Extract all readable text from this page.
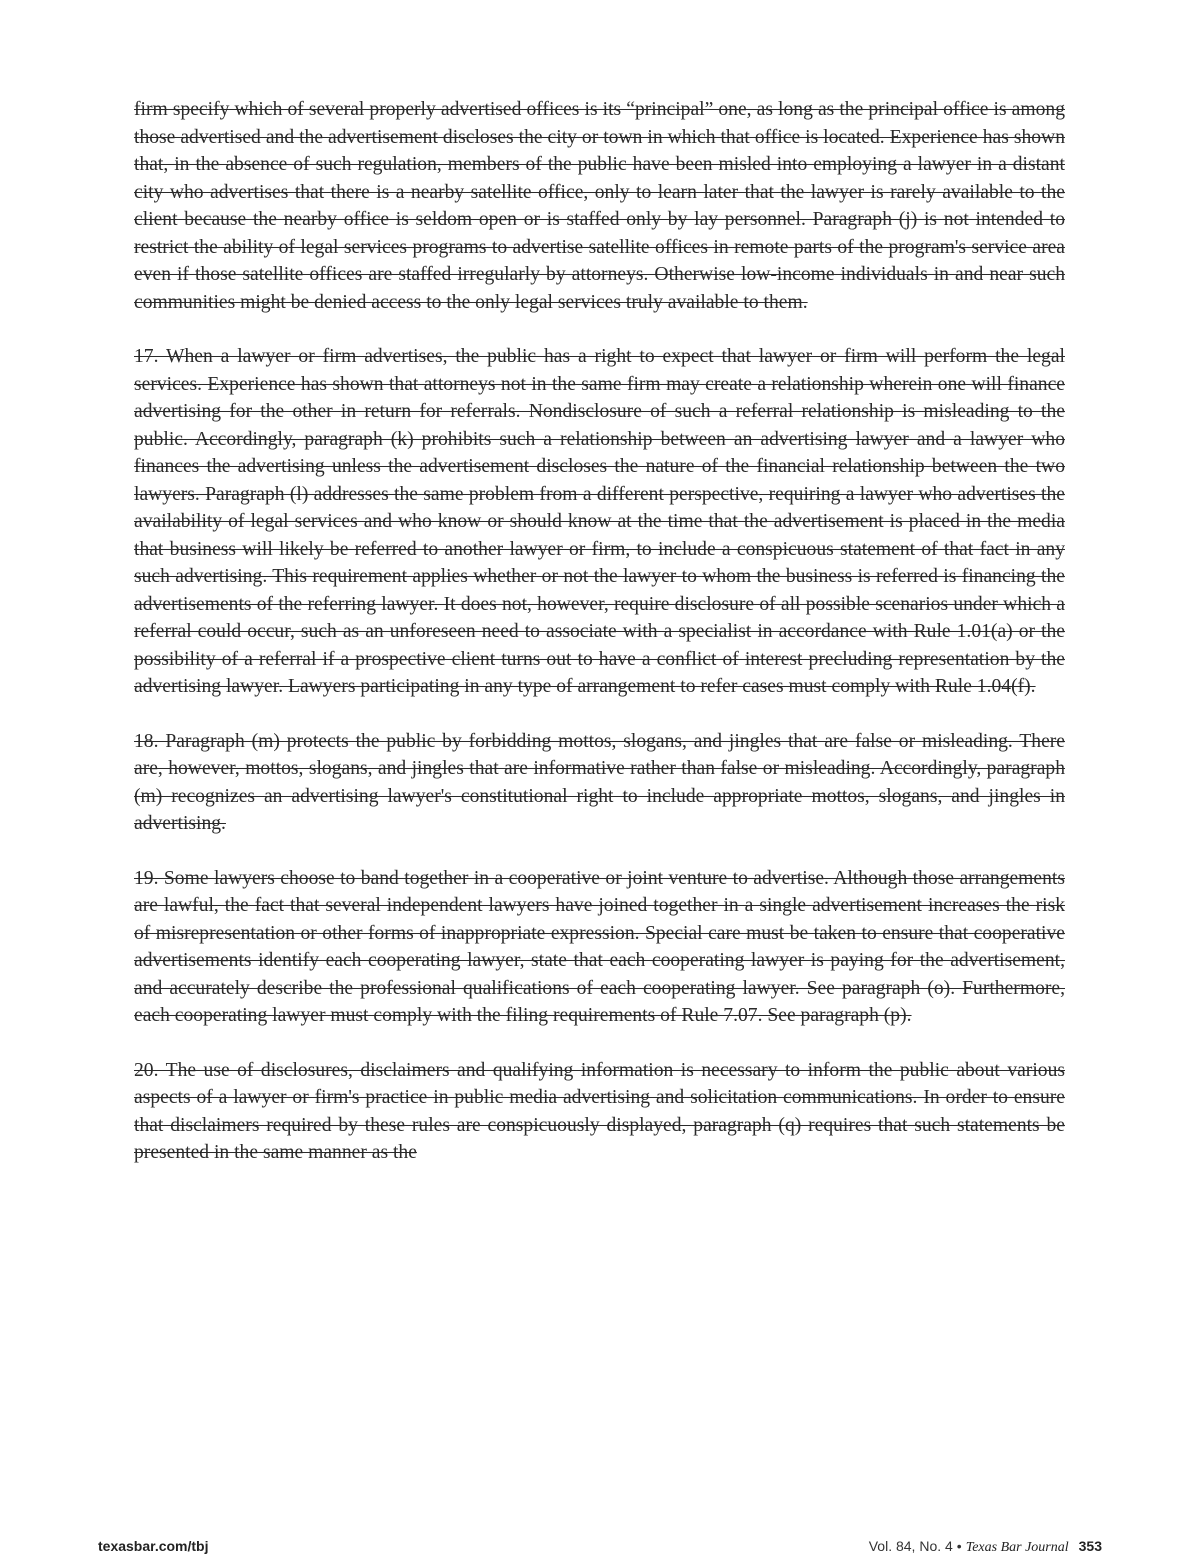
firm specify which of several properly advertised offices is its “principal” one, as long as the principal office is among those advertised and the advertisement discloses the city or town in which that office is located. Experience has shown that, in the absence of such regulation, members of the public have been misled into employing a lawyer in a distant city who advertises that there is a nearby satellite office, only to learn later that the lawyer is rarely available to the client because the nearby office is seldom open or is staffed only by lay personnel. Paragraph (j) is not intended to restrict the ability of legal services programs to advertise satellite offices in remote parts of the program's service area even if those satellite offices are staffed irregularly by attorneys. Otherwise low-income individuals in and near such communities might be denied access to the only legal services truly available to them.

17. When a lawyer or firm advertises, the public has a right to expect that lawyer or firm will perform the legal services. Experience has shown that attorneys not in the same firm may create a relationship wherein one will finance advertising for the other in return for referrals. Nondisclosure of such a referral relationship is misleading to the public. Accordingly, paragraph (k) prohibits such a relationship between an advertising lawyer and a lawyer who finances the advertising unless the advertisement discloses the nature of the financial relationship between the two lawyers. Paragraph (l) addresses the same problem from a different perspective, requiring a lawyer who advertises the availability of legal services and who know or should know at the time that the advertisement is placed in the media that business will likely be referred to another lawyer or firm, to include a conspicuous statement of that fact in any such advertising. This requirement applies whether or not the lawyer to whom the business is referred is financing the advertisements of the referring lawyer. It does not, however, require disclosure of all possible scenarios under which a referral could occur, such as an unforeseen need to associate with a specialist in accordance with Rule 1.01(a) or the possibility of a referral if a prospective client turns out to have a conflict of interest precluding representation by the advertising lawyer. Lawyers participating in any type of arrangement to refer cases must comply with Rule 1.04(f).

18. Paragraph (m) protects the public by forbidding mottos, slogans, and jingles that are false or misleading. There are, however, mottos, slogans, and jingles that are informative rather than false or misleading. Accordingly, paragraph (m) recognizes an advertising lawyer's constitutional right to include appropriate mottos, slogans, and jingles in advertising.

19. Some lawyers choose to band together in a cooperative or joint venture to advertise. Although those arrangements are lawful, the fact that several independent lawyers have joined together in a single advertisement increases the risk of misrepresentation or other forms of inappropriate expression. Special care must be taken to ensure that cooperative advertisements identify each cooperating lawyer, state that each cooperating lawyer is paying for the advertisement, and accurately describe the professional qualifications of each cooperating lawyer. See paragraph (o). Furthermore, each cooperating lawyer must comply with the filing requirements of Rule 7.07. See paragraph (p).

20. The use of disclosures, disclaimers and qualifying information is necessary to inform the public about various aspects of a lawyer or firm's practice in public media advertising and solicitation communications. In order to ensure that disclaimers required by these rules are conspicuously displayed, paragraph (q) requires that such statements be presented in the same manner as the

texasbar.com/tbj	Vol. 84, No. 4 • Texas Bar Journal 353
